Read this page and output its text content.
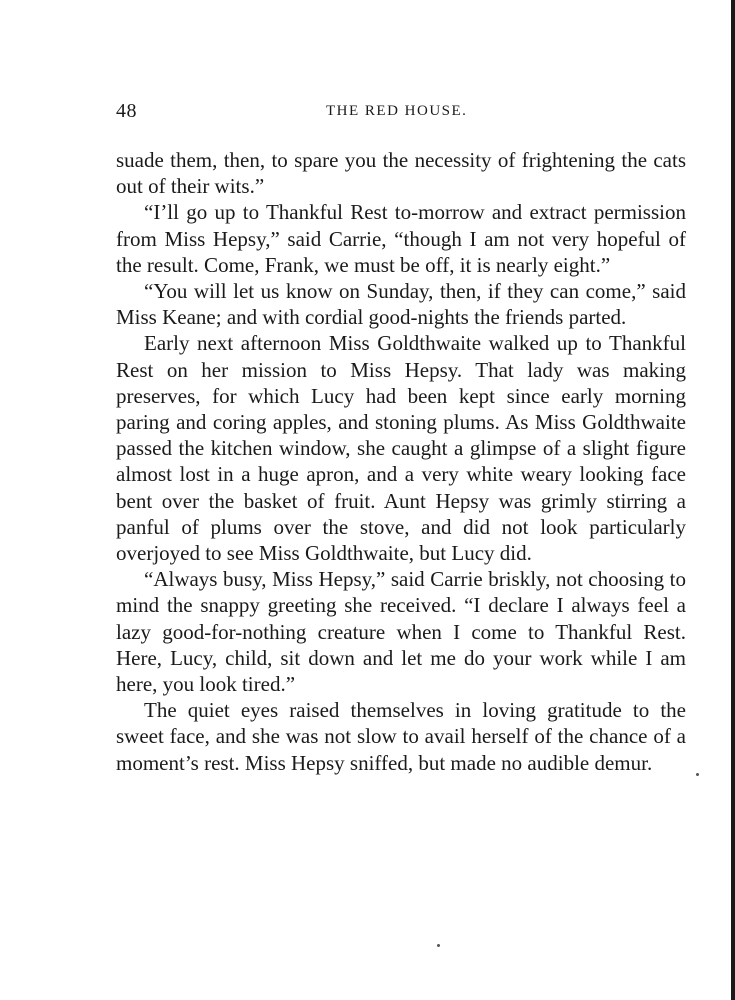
48	THE RED HOUSE.

suade them, then, to spare you the necessity of frightening the cats out of their wits.”

“I’ll go up to Thankful Rest to-morrow and extract permission from Miss Hepsy,” said Carrie, “though I am not very hopeful of the result. Come, Frank, we must be off, it is nearly eight.”

“You will let us know on Sunday, then, if they can come,” said Miss Keane; and with cordial good-nights the friends parted.

Early next afternoon Miss Goldthwaite walked up to Thankful Rest on her mission to Miss Hepsy. That lady was making preserves, for which Lucy had been kept since early morning paring and coring apples, and stoning plums. As Miss Goldthwaite passed the kitchen window, she caught a glimpse of a slight figure almost lost in a huge apron, and a very white weary looking face bent over the basket of fruit. Aunt Hepsy was grimly stirring a panful of plums over the stove, and did not look particularly overjoyed to see Miss Goldthwaite, but Lucy did.

“Always busy, Miss Hepsy,” said Carrie briskly, not choosing to mind the snappy greeting she received. “I declare I always feel a lazy good-for-nothing creature when I come to Thankful Rest. Here, Lucy, child, sit down and let me do your work while I am here, you look tired.”

The quiet eyes raised themselves in loving gratitude to the sweet face, and she was not slow to avail herself of the chance of a moment’s rest. Miss Hepsy sniffed, but made no audible demur.
